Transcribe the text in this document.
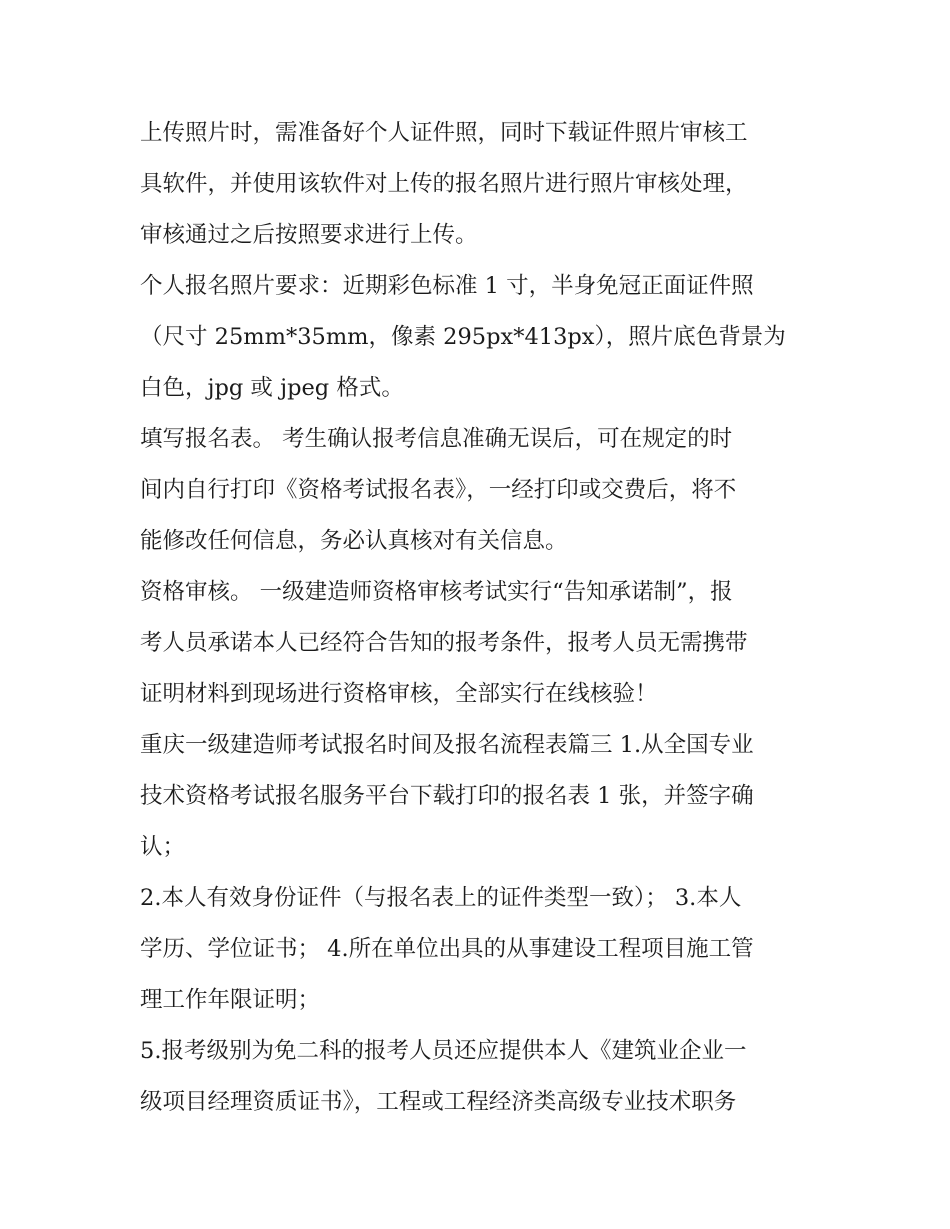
上传照片时，需准备好个人证件照，同时下载证件照片审核工
具软件，并使用该软件对上传的报名照片进行照片审核处理，
审核通过之后按照要求进行上传。
个人报名照片要求：近期彩色标准 1 寸，半身免冠正面证件照
（尺寸 25mm*35mm，像素 295px*413px），照片底色背景为
白色，jpg 或 jpeg 格式。
填写报名表。 考生确认报考信息准确无误后，可在规定的时
间内自行打印《资格考试报名表》，一经打印或交费后，将不
能修改任何信息，务必认真核对有关信息。
资格审核。 一级建造师资格审核考试实行“告知承诺制”，报
考人员承诺本人已经符合告知的报考条件，报考人员无需携带
证明材料到现场进行资格审核，全部实行在线核验！
重庆一级建造师考试报名时间及报名流程表篇三 1.从全国专业
技术资格考试报名服务平台下载打印的报名表 1 张，并签字确
认；
2.本人有效身份证件（与报名表上的证件类型一致）； 3.本人
学历、学位证书； 4.所在单位出具的从事建设工程项目施工管
理工作年限证明；
5.报考级别为免二科的报考人员还应提供本人《建筑业企业一
级项目经理资质证书》，工程或工程经济类高级专业技术职务
